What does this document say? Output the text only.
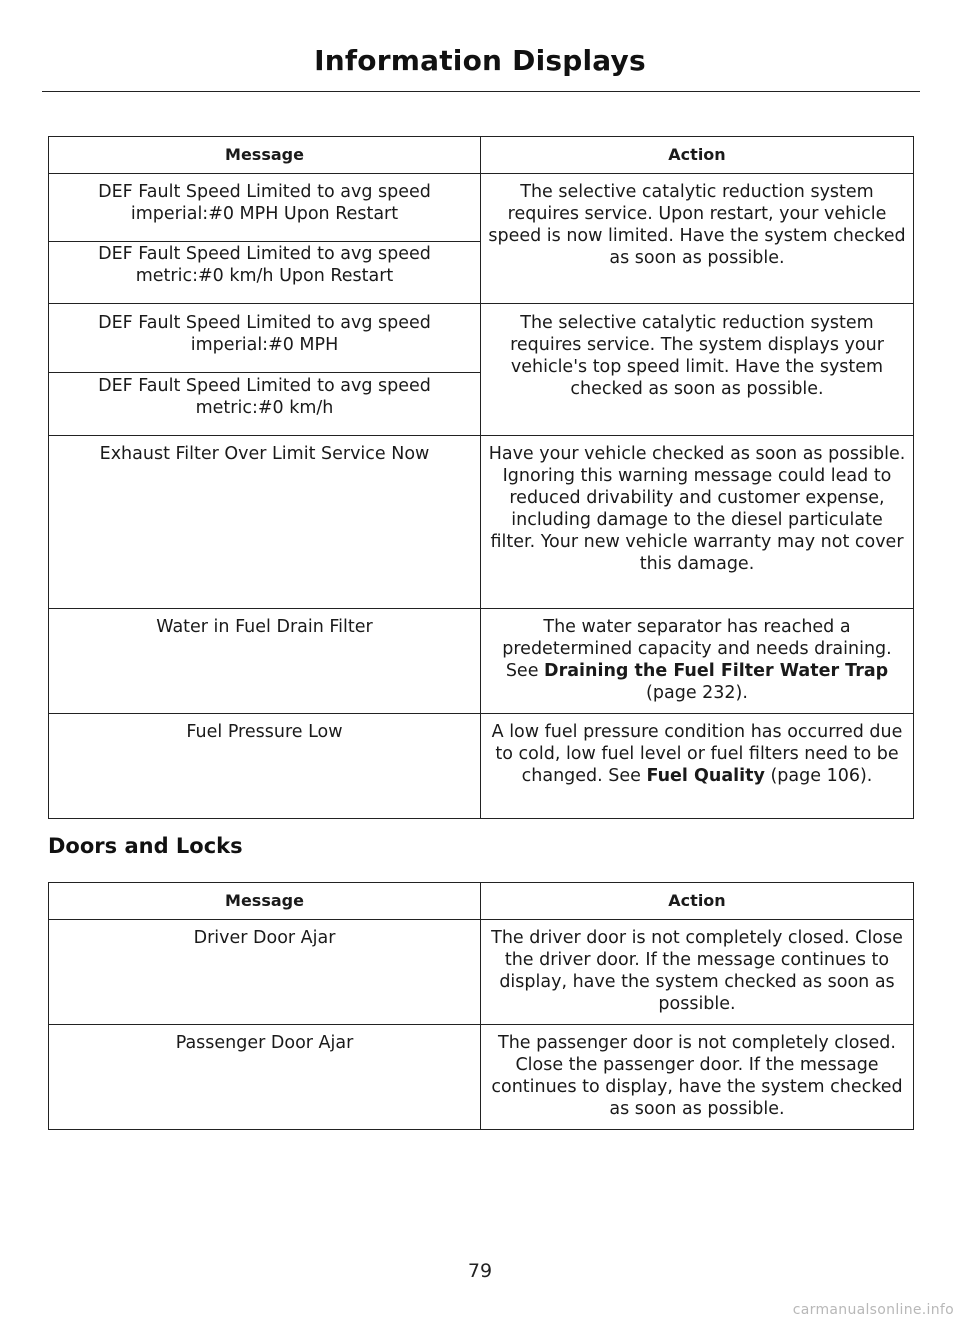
Information Displays
Message	Action
DEF Fault Speed Limited to avg speed imperial:#0 MPH Upon Restart	The selective catalytic reduction system requires service. Upon restart, your vehicle speed is now limited. Have the system checked as soon as possible.
DEF Fault Speed Limited to avg speed metric:#0 km/h Upon Restart	
DEF Fault Speed Limited to avg speed imperial:#0 MPH	The selective catalytic reduction system requires service. The system displays your vehicle's top speed limit. Have the system checked as soon as possible.
DEF Fault Speed Limited to avg speed metric:#0 km/h	
Exhaust Filter Over Limit Service Now	Have your vehicle checked as soon as possible. Ignoring this warning message could lead to reduced drivability and customer expense, including damage to the diesel particulate filter. Your new vehicle warranty may not cover this damage.
Water in Fuel Drain Filter	The water separator has reached a predetermined capacity and needs draining. See Draining the Fuel Filter Water Trap (page 232).
Fuel Pressure Low	A low fuel pressure condition has occurred due to cold, low fuel level or fuel filters need to be changed. See Fuel Quality (page 106).
Doors and Locks
Message	Action
Driver Door Ajar	The driver door is not completely closed. Close the driver door. If the message continues to display, have the system checked as soon as possible.
Passenger Door Ajar	The passenger door is not completely closed. Close the passenger door. If the message continues to display, have the system checked as soon as possible.
79
carmanualsonline.info
